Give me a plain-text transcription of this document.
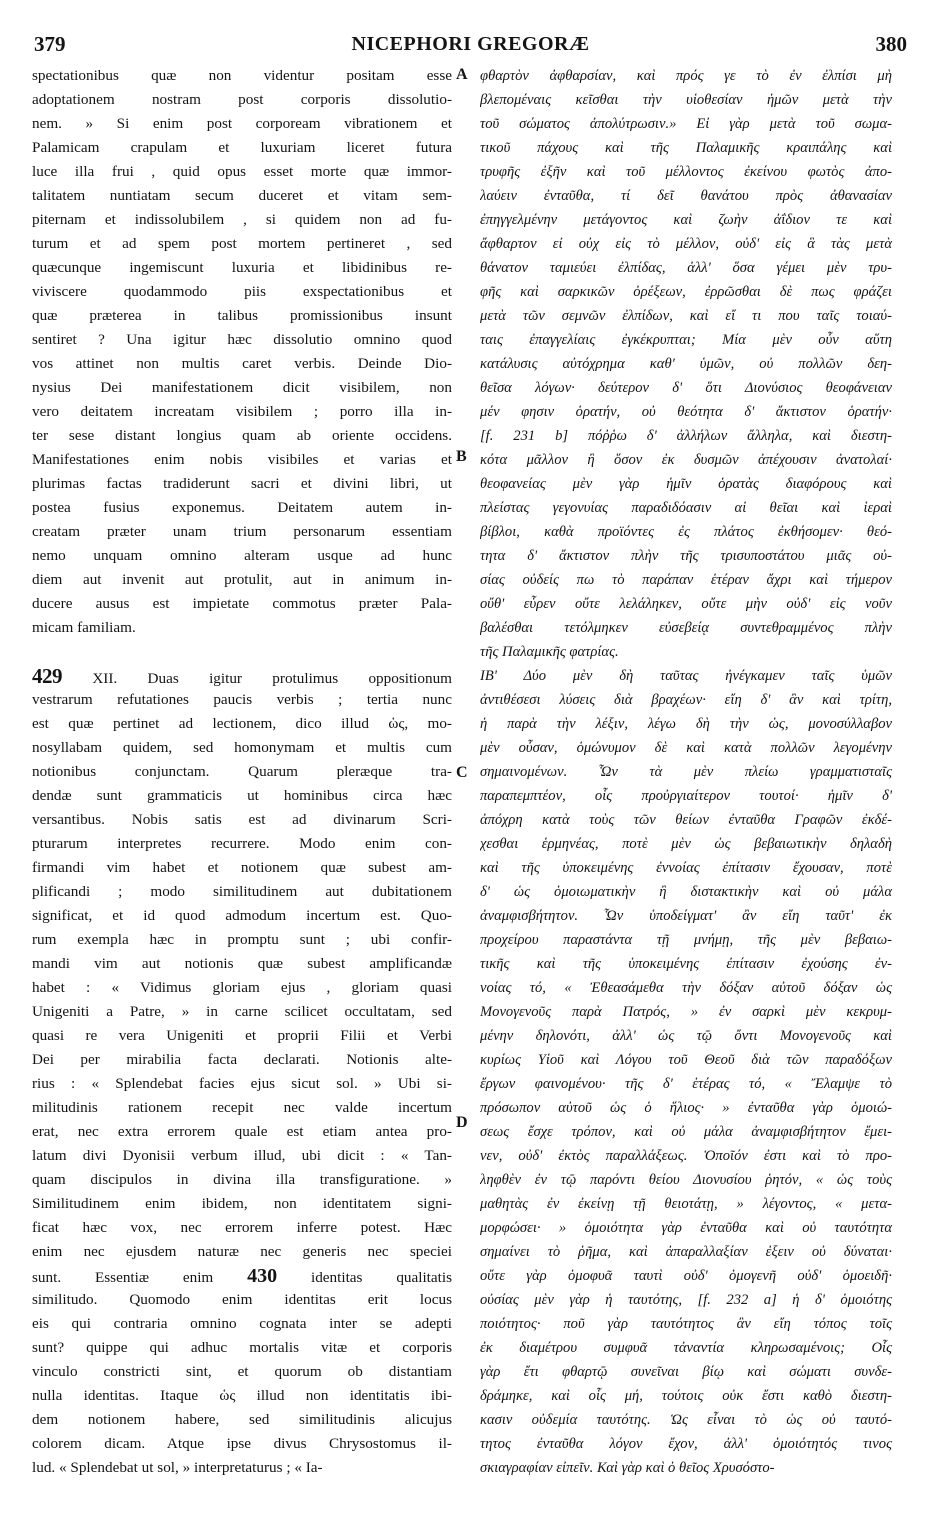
379	NICEPHORI GREGORÆ	380
A
B
C
D
spectationibus quæ non videntur positam esse
adoptationem nostram post corporis dissolutio-
nem. » Si enim post corpoream vibrationem et
Palamicam crapulam et luxuriam liceret futura
luce illa frui , quid opus esset morte quæ immor-
talitatem nuntiatam secum duceret et vitam sem-
piternam et indissolubilem , si quidem non ad fu-
turum et ad spem post mortem pertineret , sed
quæcunque ingemiscunt luxuria et libidinibus re-
viviscere quodammodo piis exspectationibus et
quæ præterea in talibus promissionibus insunt
sentiret ? Una igitur hæc dissolutio omnino quod
vos attinet non multis caret verbis. Deinde Dio-
nysius Dei manifestationem dicit visibilem, non
vero deitatem increatam visibilem ; porro illa in-
ter sese distant longius quam ab oriente occidens.
Manifestationes enim nobis visibiles et varias et
plurimas factas tradiderunt sacri et divini libri, ut
postea fusius exponemus. Deitatem autem in-
creatam præter unam trium personarum essentiam
nemo unquam omnino alteram usque ad hunc
diem aut invenit aut protulit, aut in animum in-
ducere ausus est impietate commotus præter Pala-
micam familiam.
429 XII. Duas igitur protulimus oppositionum
vestrarum refutationes paucis verbis ; tertia nunc
est quæ pertinet ad lectionem, dico illud ὡς, mo-
nosyllabam quidem, sed homonymam et multis cum
notionibus conjunctam. Quarum pleræque tra-
dendæ sunt grammaticis ut hominibus circa hæc
versantibus. Nobis satis est ad divinarum Scri-
pturarum interpretes recurrere. Modo enim con-
firmandi vim habet et notionem quæ subest am-
plificandi ; modo similitudinem aut dubitationem
significat, et id quod admodum incertum est. Quo-
rum exempla hæc in promptu sunt ; ubi confir-
mandi vim aut notionis quæ subest amplificandæ
habet : « Vidimus gloriam ejus , gloriam quasi
Unigeniti a Patre, » in carne scilicet occultatam, sed
quasi re vera Unigeniti et proprii Filii et Verbi
Dei per mirabilia facta declarati. Notionis alte-
rius : « Splendebat facies ejus sicut sol. » Ubi si-
militudinis rationem recepit nec valde incertum
erat, nec extra errorem quale est etiam antea pro-
latum divi Dyonisii verbum illud, ubi dicit : « Tan-
quam discipulos in divina illa transfiguratione. »
Similitudinem enim ibidem, non identitatem signi-
ficat hæc vox, nec errorem inferre potest. Hæc
enim nec ejusdem naturæ nec generis nec speciei
sunt. Essentiæ enim 430 identitas qualitatis
similitudo. Quomodo enim identitas erit locus
eis qui contraria omnino cognata inter se adepti
sunt? quippe qui adhuc mortalis vitæ et corporis
vinculo constricti sint, et quorum ob distantiam
nulla identitas. Itaque ὡς illud non identitatis ibi-
dem notionem habere, sed similitudinis alicujus
colorem dicam. Atque ipse divus Chrysostomus il-
lud. « Splendebat ut sol, » interpretaturus ; « Ia-
φθαρτὸν ἀφθαρσίαν, καὶ πρός γε τὸ ἐν ἐλπίσι μὴ
βλεπομέναις κεῖσθαι τὴν υἱοθεσίαν ἡμῶν μετὰ τὴν
τοῦ σώματος ἀπολύτρωσιν.» Εἰ γὰρ μετὰ τοῦ σωμα-
τικοῦ πάχους καὶ τῆς Παλαμικῆς κραιπάλης καὶ
τρυφῆς ἐξῆν καὶ τοῦ μέλλοντος ἐκείνου φωτὸς ἀπο-
λαύειν ἐνταῦθα, τί δεῖ θανάτου πρὸς ἀθανασίαν
ἐπηγγελμένην μετάγοντος καὶ ζωὴν ἀΐδιον τε καὶ
ἄφθαρτον εἰ οὐχ εἰς τὸ μέλλον, οὐδ' εἰς ἃ τὰς μετὰ
θάνατον ταμιεύει ἐλπίδας, ἀλλ' ὅσα γέμει μὲν τρυ-
φῆς καὶ σαρκικῶν ὀρέξεων, ἐρρῶσθαι δὲ πως φράζει
μετὰ τῶν σεμνῶν ἐλπίδων, καὶ εἴ τι που ταῖς τοιαύ-
ταις ἐπαγγελίαις ἐγκέκρυπται; Μία μὲν οὖν αὕτη
κατάλυσις αὐτόχρημα καθ' ὑμῶν, οὐ πολλῶν δεη-
θεῖσα λόγων· δεύτερον δ' ὅτι Διονύσιος θεοφάνειαν
μέν φησιν ὁρατήν, οὐ θεότητα δ' ἄκτιστον ὁρατήν·
[f. 231 b] πόῤῥω δ' ἀλλήλων ἄλληλα, καὶ διεστη-
κότα μᾶλλον ἢ ὅσον ἐκ δυσμῶν ἀπέχουσιν ἀνατολαί·
θεοφανείας μὲν γὰρ ἡμῖν ὁρατὰς διαφόρους καὶ
πλείστας γεγονυίας παραδιδόασιν αἱ θεῖαι καὶ ἱεραὶ
βίβλοι, καθὰ προϊόντες ἐς πλάτος ἐκθήσομεν· θεό-
τητα δ' ἄκτιστον πλὴν τῆς τρισυποστάτου μιᾶς οὐ-
σίας οὐδείς πω τὸ παράπαν ἑτέραν ἄχρι καὶ τήμερον
οὔθ' εὗρεν οὔτε λελάληκεν, οὔτε μὴν οὐδ' εἰς νοῦν
βαλέσθαι τετόλμηκεν εὐσεβείᾳ συντεθραμμένος πλὴν
τῆς Παλαμικῆς φατρίας.
ΙΒ' Δύο μὲν δὴ ταῦτας ἠνέγκαμεν ταῖς ὑμῶν
ἀντιθέσεσι λύσεις διὰ βραχέων· εἴη δ' ἂν καὶ τρίτη,
ἡ παρὰ τὴν λέξιν, λέγω δὴ τὴν ὡς, μονοσύλλαβον
μὲν οὖσαν, ὁμώνυμον δὲ καὶ κατὰ πολλῶν λεγομένην
σημαινομένων. Ὧν τὰ μὲν πλείω γραμματισταῖς
παραπεμπτέον, οἷς προὐργιαίτερον τουτοί· ἡμῖν δ'
ἀπόχρη κατὰ τοὺς τῶν θείων ἐνταῦθα Γραφῶν ἐκδέ-
χεσθαι ἑρμηνέας, ποτὲ μὲν ὡς βεβαιωτικὴν δηλαδὴ
καὶ τῆς ὑποκειμένης ἐννοίας ἐπίτασιν ἔχουσαν, ποτὲ
δ' ὡς ὁμοιωματικὴν ἢ διστακτικὴν καὶ οὐ μάλα
ἀναμφισβήτητον. Ὧν ὑποδείγματ' ἂν εἴη ταῦτ' ἐκ
προχείρου παραστάντα τῇ μνήμῃ, τῆς μὲν βεβαιω-
τικῆς καὶ τῆς ὑποκειμένης ἐπίτασιν ἐχούσης ἐν-
νοίας τό, « Ἐθεασάμεθα τὴν δόξαν αὐτοῦ δόξαν ὡς
Μονογενοῦς παρὰ Πατρός, » ἐν σαρκὶ μὲν κεκρυμ-
μένην δηλονότι, ἀλλ' ὡς τῷ ὄντι Μονογενοῦς καὶ
κυρίως Υἱοῦ καὶ Λόγου τοῦ Θεοῦ διὰ τῶν παραδόξων
ἔργων φαινομένου· τῆς δ' ἑτέρας τό, « Ἔλαμψε τὸ
πρόσωπον αὐτοῦ ὡς ὁ ἥλιος· » ἐνταῦθα γὰρ ὁμοιώ-
σεως ἔσχε τρόπον, καὶ οὐ μάλα ἀναμφισβήτητον ἔμει-
νεν, οὐδ' ἐκτὸς παραλλάξεως. Ὁποῖόν ἐστι καὶ τὸ προ-
ληφθὲν ἐν τῷ παρόντι θείου Διονυσίου ῥητόν, « ὡς τοὺς
μαθητὰς ἐν ἐκείνῃ τῇ θειοτάτῃ, » λέγοντος, « μετα-
μορφώσει· » ὁμοιότητα γὰρ ἐνταῦθα καὶ οὐ ταυτότητα
σημαίνει τὸ ῥῆμα, καὶ ἀπαραλλαξίαν ἐξειν οὐ δύναται·
οὔτε γὰρ ὁμοφυᾶ ταυτὶ οὐδ' ὁμογενῆ οὐδ' ὁμοειδῆ·
οὐσίας μὲν γὰρ ἡ ταυτότης, [f. 232 a] ἡ δ' ὁμοιότης
ποιότητος· ποῦ γὰρ ταυτότητος ἂν εἴη τόπος τοῖς
ἐκ διαμέτρου συμφυᾶ τἀναντία κληρωσαμένοις; Οἷς
γὰρ ἔτι φθαρτῷ συνεῖναι βίῳ καὶ σώματι συνδε-
δράμηκε, καὶ οἷς μή, τούτοις οὐκ ἔστι καθὸ διεστη-
κασιν οὐδεμία ταυτότης. Ὡς εἶναι τὸ ὡς οὐ ταυτό-
τητος ἐνταῦθα λόγον ἔχον, ἀλλ' ὁμοιότητός τινος
σκιαγραφίαν εἰπεῖν. Καὶ γὰρ καὶ ὁ θεῖος Χρυσόστο-
